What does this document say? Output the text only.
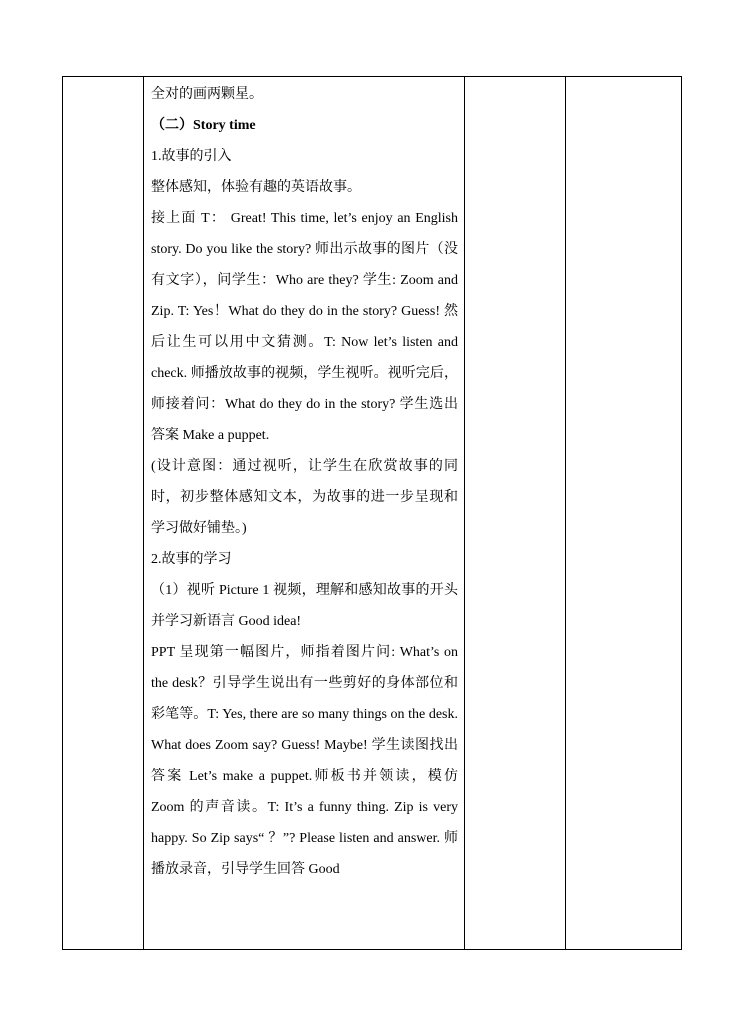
全对的画两颗星。
（二）Story time
1.故事的引入
整体感知，体验有趣的英语故事。
接上面 T： Great! This time, let’s enjoy an English story. Do you like the story? 师出示故事的图片（没有文字），问学生：Who are they? 学生: Zoom and Zip. T: Yes！What do they do in the story? Guess! 然后让生可以用中文猜测。T: Now let’s listen and check. 师播放故事的视频，学生视听。视听完后，师接着问：What do they do in the story? 学生选出答案 Make a puppet.
(设计意图：通过视听，让学生在欣赏故事的同时，初步整体感知文本，为故事的进一步呈现和学习做好铺垫。)
2.故事的学习
（1）视听 Picture 1 视频，理解和感知故事的开头并学习新语言 Good idea!
PPT 呈现第一幅图片，师指着图片问: What’s on the desk？引导学生说出有一些剪好的身体部位和彩笔等。T: Yes, there are so many things on the desk. What does Zoom say? Guess! Maybe! 学生读图找出答案 Let’s make a puppet.师板书并领读，模仿 Zoom 的声音读。T: It’s a funny thing. Zip is very happy. So Zip says“ ？”? Please listen and answer. 师播放录音，引导学生回答 Good
